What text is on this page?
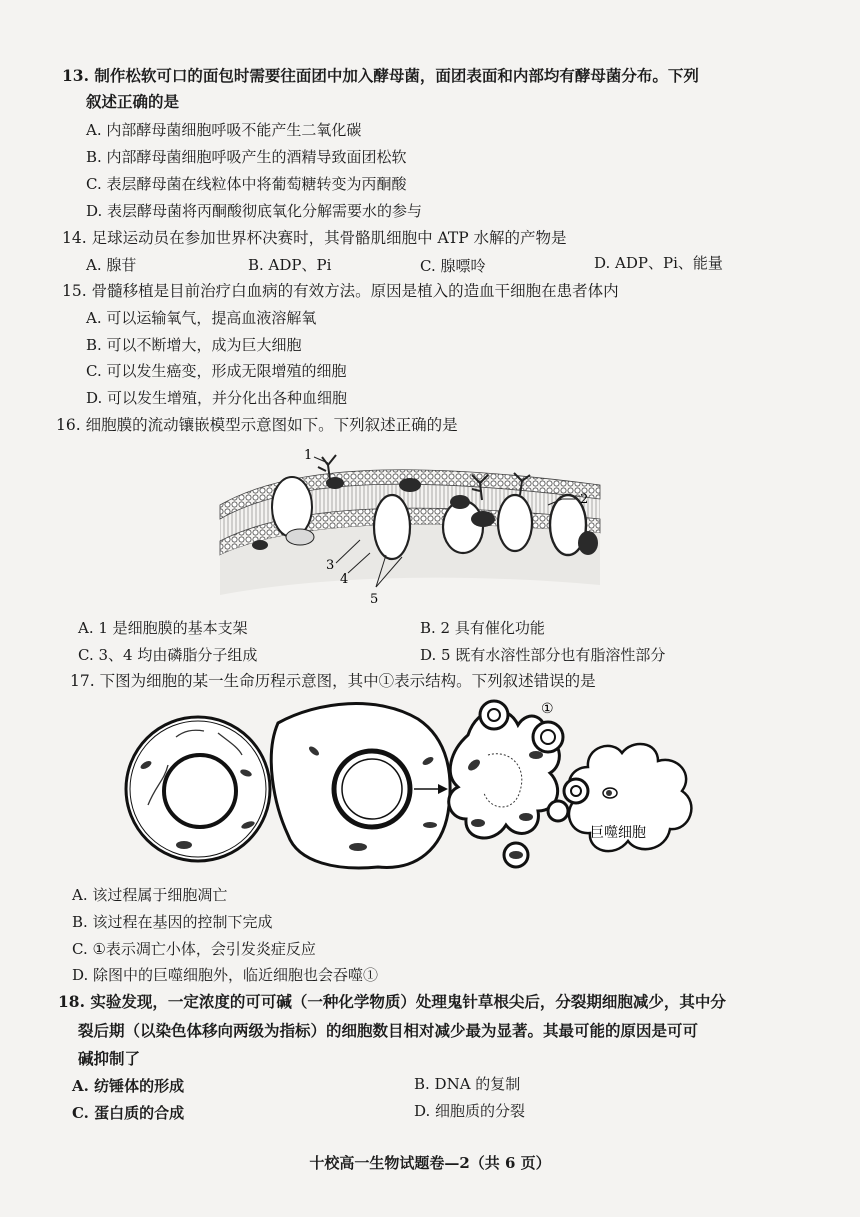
13. 制作松软可口的面包时需要往面团中加入酵母菌，面团表面和内部均有酵母菌分布。下列
叙述正确的是
A. 内部酵母菌细胞呼吸不能产生二氧化碳
B. 内部酵母菌细胞呼吸产生的酒精导致面团松软
C. 表层酵母菌在线粒体中将葡萄糖转变为丙酮酸
D. 表层酵母菌将丙酮酸彻底氧化分解需要水的参与
14. 足球运动员在参加世界杯决赛时，其骨骼肌细胞中 ATP 水解的产物是
A. 腺苷	B. ADP、Pi	C. 腺嘌呤	D. ADP、Pi、能量
15. 骨髓移植是目前治疗白血病的有效方法。原因是植入的造血干细胞在患者体内
A. 可以运输氧气，提高血液溶解氧
B. 可以不断增大，成为巨大细胞
C. 可以发生癌变，形成无限增殖的细胞
D. 可以发生增殖，并分化出各种血细胞
16. 细胞膜的流动镶嵌模型示意图如下。下列叙述正确的是
1
2
3
4
5
A. 1 是细胞膜的基本支架	B. 2 具有催化功能
C. 3、4 均由磷脂分子组成	D. 5 既有水溶性部分也有脂溶性部分
17. 下图为细胞的某一生命历程示意图，其中①表示结构。下列叙述错误的是
①
巨噬细胞
A. 该过程属于细胞凋亡
B. 该过程在基因的控制下完成
C. ①表示凋亡小体，会引发炎症反应
D. 除图中的巨噬细胞外，临近细胞也会吞噬①
18. 实验发现，一定浓度的可可碱（一种化学物质）处理鬼针草根尖后，分裂期细胞减少，其中分
裂后期（以染色体移向两级为指标）的细胞数目相对减少最为显著。其最可能的原因是可可
碱抑制了
A. 纺锤体的形成	B. DNA 的复制
C. 蛋白质的合成	D. 细胞质的分裂
十校高一生物试题卷—2（共 6 页）
